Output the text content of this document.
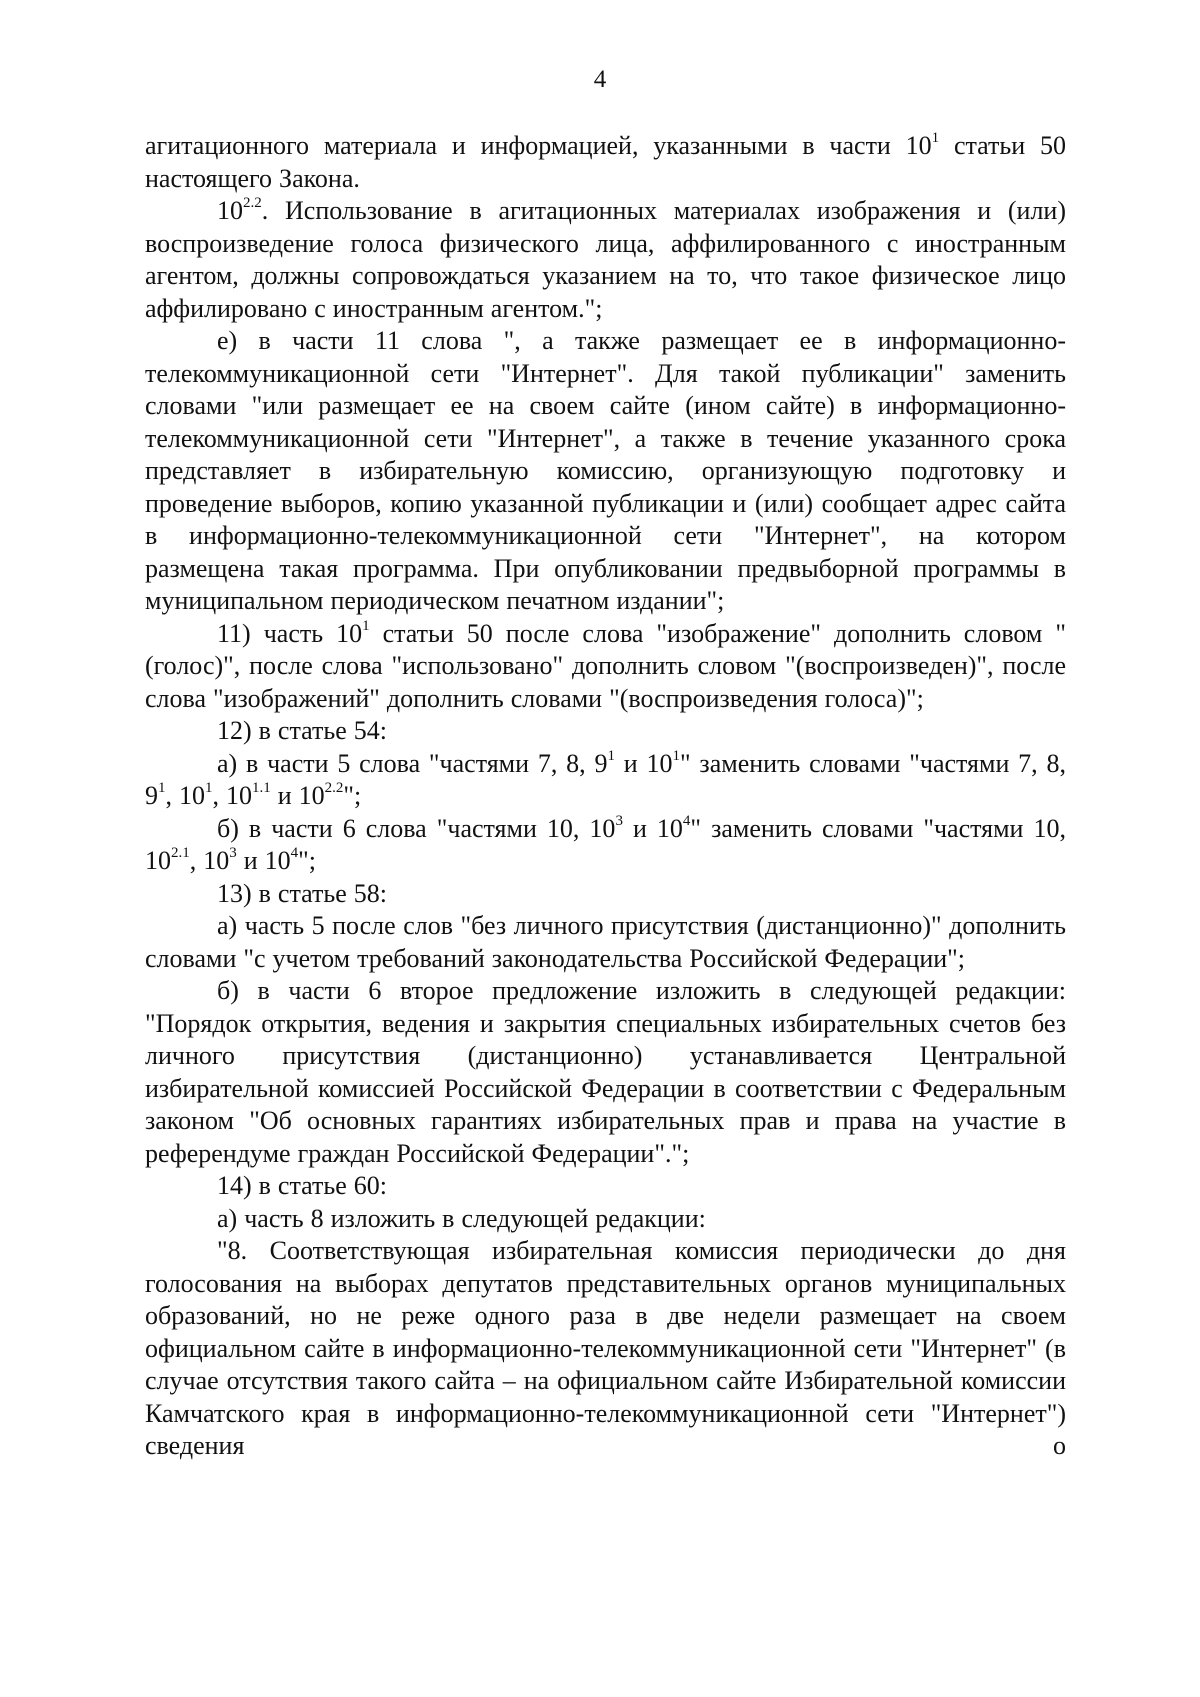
4

агитационного материала и информацией, указанными в части $10^1$ статьи 50 настоящего Закона.

$10^{2.2}$. Использование в агитационных материалах изображения и (или) воспроизведение голоса физического лица, аффилированного с иностранным агентом, должны сопровождаться указанием на то, что такое физическое лицо аффилировано с иностранным агентом.";

е) в части 11 слова ", а также размещает ее в информационно-телекоммуникационной сети "Интернет". Для такой публикации" заменить словами "или размещает ее на своем сайте (ином сайте) в информационно-телекоммуникационной сети "Интернет", а также в течение указанного срока представляет в избирательную комиссию, организующую подготовку и проведение выборов, копию указанной публикации и (или) сообщает адрес сайта в информационно-телекоммуникационной сети "Интернет", на котором размещена такая программа. При опубликовании предвыборной программы в муниципальном периодическом печатном издании";

11) часть $10^1$ статьи 50 после слова "изображение" дополнить словом "(голос)", после слова "использовано" дополнить словом "(воспроизведен)", после слова "изображений" дополнить словами "(воспроизведения голоса)";

12) в статье 54:

а) в части 5 слова "частями 7, 8, $9^1$ и $10^1$" заменить словами "частями 7, 8, $9^1$, $10^1$, $10^{1.1}$ и $10^{2.2}$";

б) в части 6 слова "частями 10, $10^3$ и $10^4$" заменить словами "частями 10, $10^{2.1}$, $10^3$ и $10^4$";

13) в статье 58:

а) часть 5 после слов "без личного присутствия (дистанционно)" дополнить словами "с учетом требований законодательства Российской Федерации";

б) в части 6 второе предложение изложить в следующей редакции: "Порядок открытия, ведения и закрытия специальных избирательных счетов без личного присутствия (дистанционно) устанавливается Центральной избирательной комиссией Российской Федерации в соответствии с Федеральным законом "Об основных гарантиях избирательных прав и права на участие в референдуме граждан Российской Федерации".";

14) в статье 60:

а) часть 8 изложить в следующей редакции:

"8. Соответствующая избирательная комиссия периодически до дня голосования на выборах депутатов представительных органов муниципальных образований, но не реже одного раза в две недели размещает на своем официальном сайте в информационно-телекоммуникационной сети "Интернет" (в случае отсутствия такого сайта – на официальном сайте Избирательной комиссии Камчатского края в информационно-телекоммуникационной сети "Интернет") сведения о
